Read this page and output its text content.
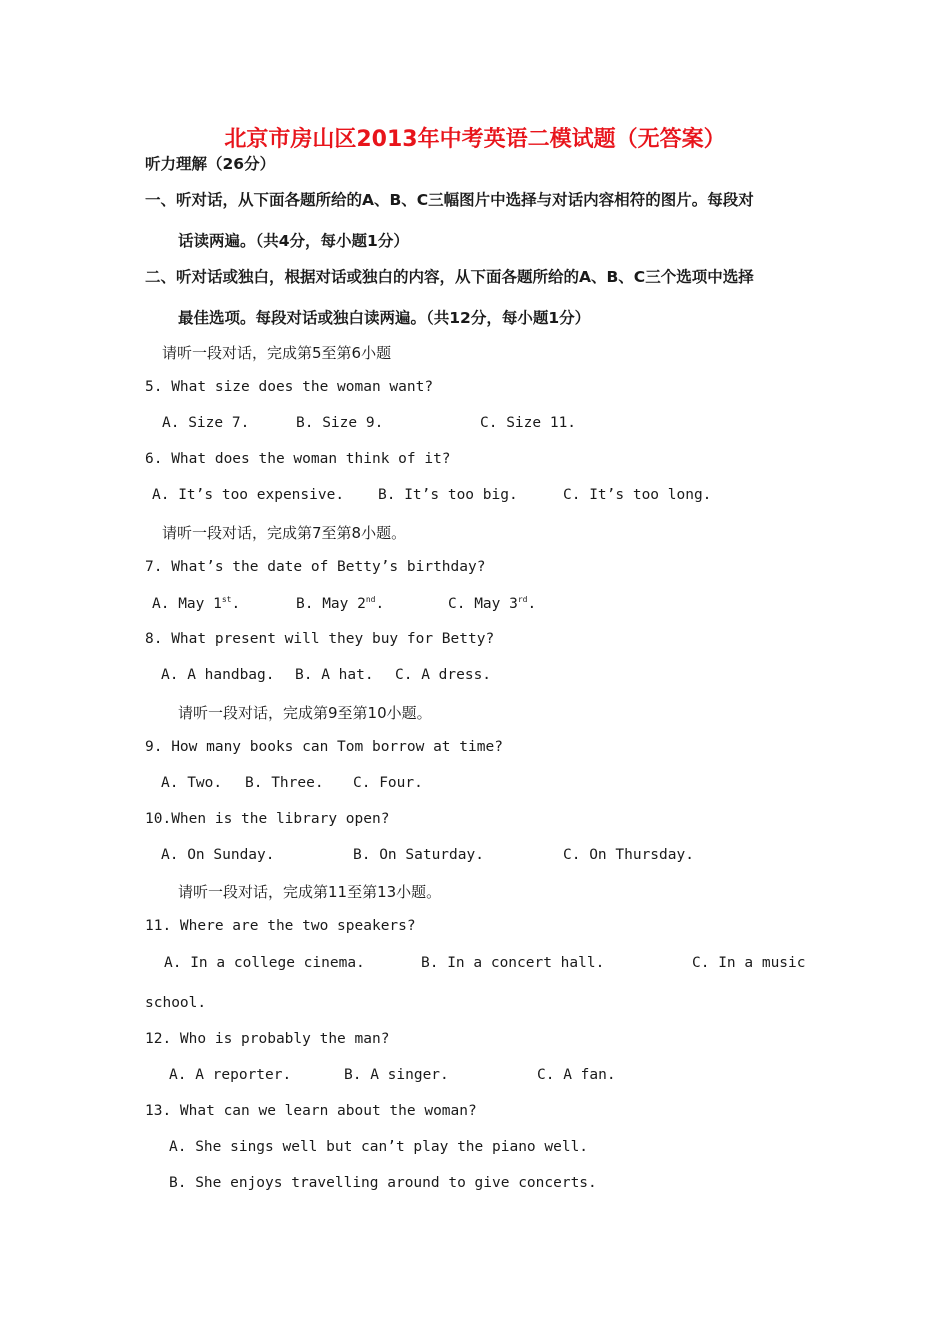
北京市房山区2013年中考英语二模试题（无答案）
听力理解（26分）
一、听对话，从下面各题所给的A、B、C三幅图片中选择与对话内容相符的图片。每段对
话读两遍。（共4分，每小题1分）
二、听对话或独白，根据对话或独白的内容，从下面各题所给的A、B、C三个选项中选择
最佳选项。每段对话或独白读两遍。（共12分，每小题1分）
请听一段对话，完成第5至第6小题
5. What size does the woman want?
A. Size 7.	B. Size 9.	C. Size 11.
6. What does the woman think of it?
A. It’s too expensive. B. It’s too big.	C. It’s too long.
请听一段对话，完成第7至第8小题。
7. What’s the date of Betty’s birthday?
A. May 1st.	B. May 2nd.	C. May 3rd.
8. What present will they buy for Betty?
A. A handbag. B. A hat. C. A dress.
请听一段对话，完成第9至第10小题。
9. How many books can Tom borrow at time?
A. Two. B. Three. C. Four.
10.When is the library open?
A. On Sunday.	B. On Saturday.	C. On Thursday.
请听一段对话，完成第11至第13小题。
11. Where are the two speakers?
A. In a college cinema.	B. In a concert hall.	C. In a music
school.
12. Who is probably the man?
A. A reporter.	B. A singer.	C. A fan.
13. What can we learn about the woman?
A. She sings well but can’t play the piano well.
B. She enjoys travelling around to give concerts.
